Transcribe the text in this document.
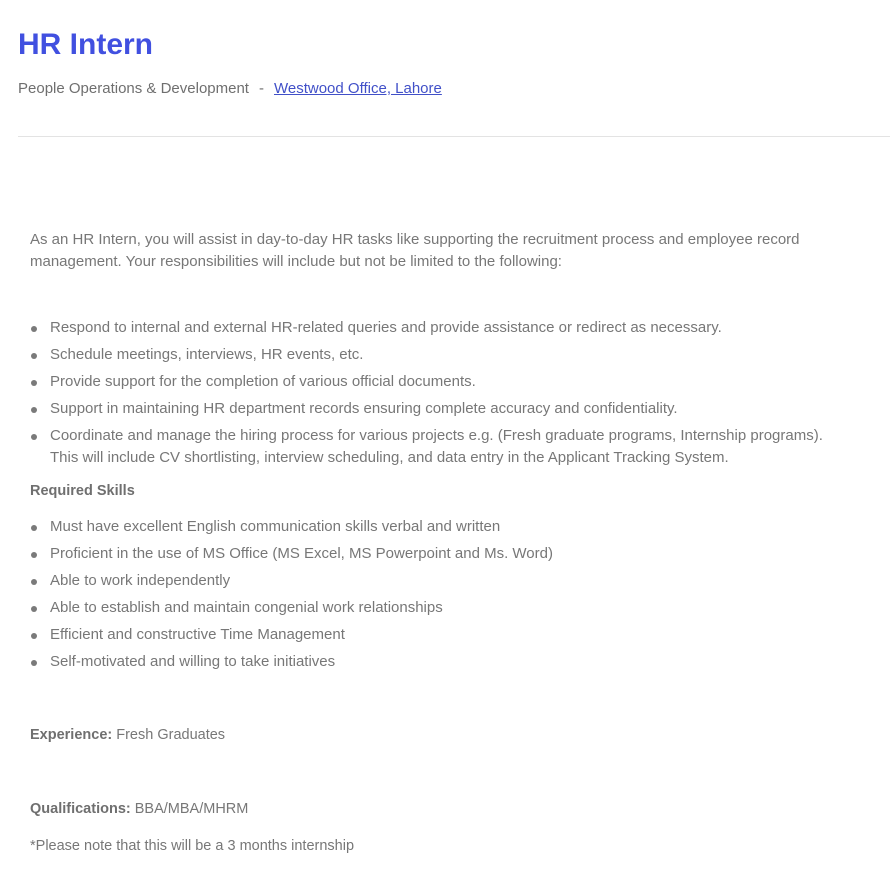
HR Intern
People Operations & Development - Westwood Office, Lahore

As an HR Intern, you will assist in day-to-day HR tasks like supporting the recruitment process and employee record management. Your responsibilities will include but not be limited to the following:

Respond to internal and external HR-related queries and provide assistance or redirect as necessary.
Schedule meetings, interviews, HR events, etc.
Provide support for the completion of various official documents.
Support in maintaining HR department records ensuring complete accuracy and confidentiality.
Coordinate and manage the hiring process for various projects e.g. (Fresh graduate programs, Internship programs). This will include CV shortlisting, interview scheduling, and data entry in the Applicant Tracking System.
Required Skills
Must have excellent English communication skills verbal and written
Proficient in the use of MS Office (MS Excel, MS Powerpoint and Ms. Word)
Able to work independently
Able to establish and maintain congenial work relationships
Efficient and constructive Time Management
Self-motivated and willing to take initiatives
Experience: Fresh Graduates
Qualifications: BBA/MBA/MHRM
*Please note that this will be a 3 months internship
